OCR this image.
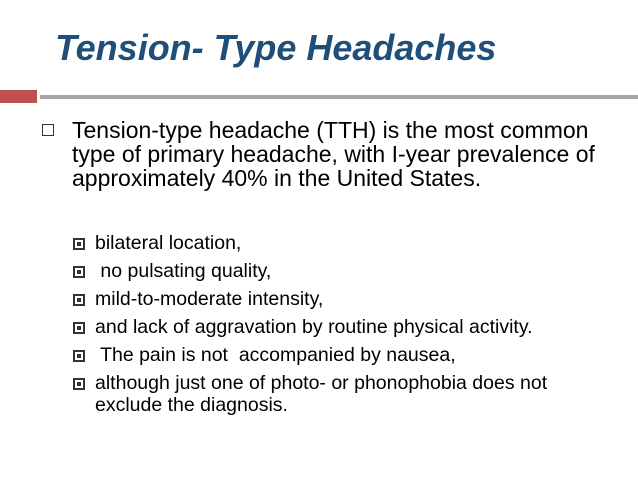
Tension- Type Headaches
Tension-type headache (TTH) is the most common type of primary headache, with I-year prevalence of approximately 40% in the United States.
bilateral location,
no pulsating quality,
mild-to-moderate intensity,
and lack of aggravation by routine physical activity.
The pain is not  accompanied by nausea,
although just one of photo- or phonophobia does not exclude the diagnosis.
